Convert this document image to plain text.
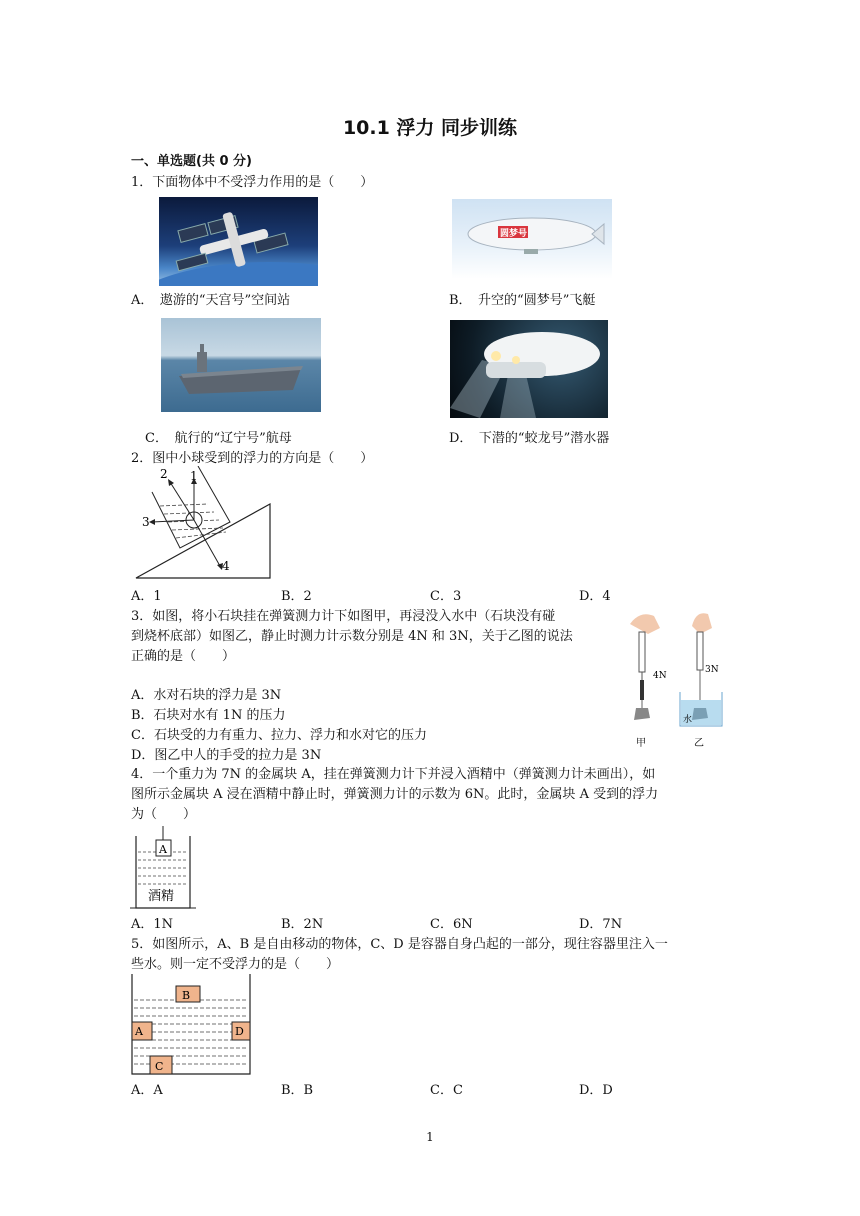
10.1 浮力 同步训练
一、单选题(共 0 分)
1．下面物体中不受浮力作用的是（　　）
A．　遨游的“天宫号”空间站
圆梦号
B．　升空的“圆梦号”飞艇
C．　航行的“辽宁号”航母	D．　下潜的“蛟龙号”潜水器
2．图中小球受到的浮力的方向是（　　）
1
2
3
4
A．1	B．2	C．3	D．4
3．如图，将小石块挂在弹簧测力计下如图甲，再浸没入水中（石块没有碰
到烧杯底部）如图乙，静止时测力计示数分别是 4N 和 3N，关于乙图的说法
正确的是（　　）
A．水对石块的浮力是 3N
B．石块对水有 1N 的压力
C．石块受的力有重力、拉力、浮力和水对它的压力
D．图乙中人的手受的拉力是 3N
4N
3N
水
甲	乙
4．一个重力为 7N 的金属块 A，挂在弹簧测力计下并浸入酒精中（弹簧测力计未画出），如
图所示金属块 A 浸在酒精中静止时，弹簧测力计的示数为 6N。此时，金属块 A 受到的浮力
为（　　）
A
酒精
A．1N	B．2N	C．6N	D．7N
5．如图所示，A、B 是自由移动的物体，C、D 是容器自身凸起的一部分，现往容器里注入一
些水。则一定不受浮力的是（　　）
A
B
C
D
A．A	B．B	C．C	D．D
1
